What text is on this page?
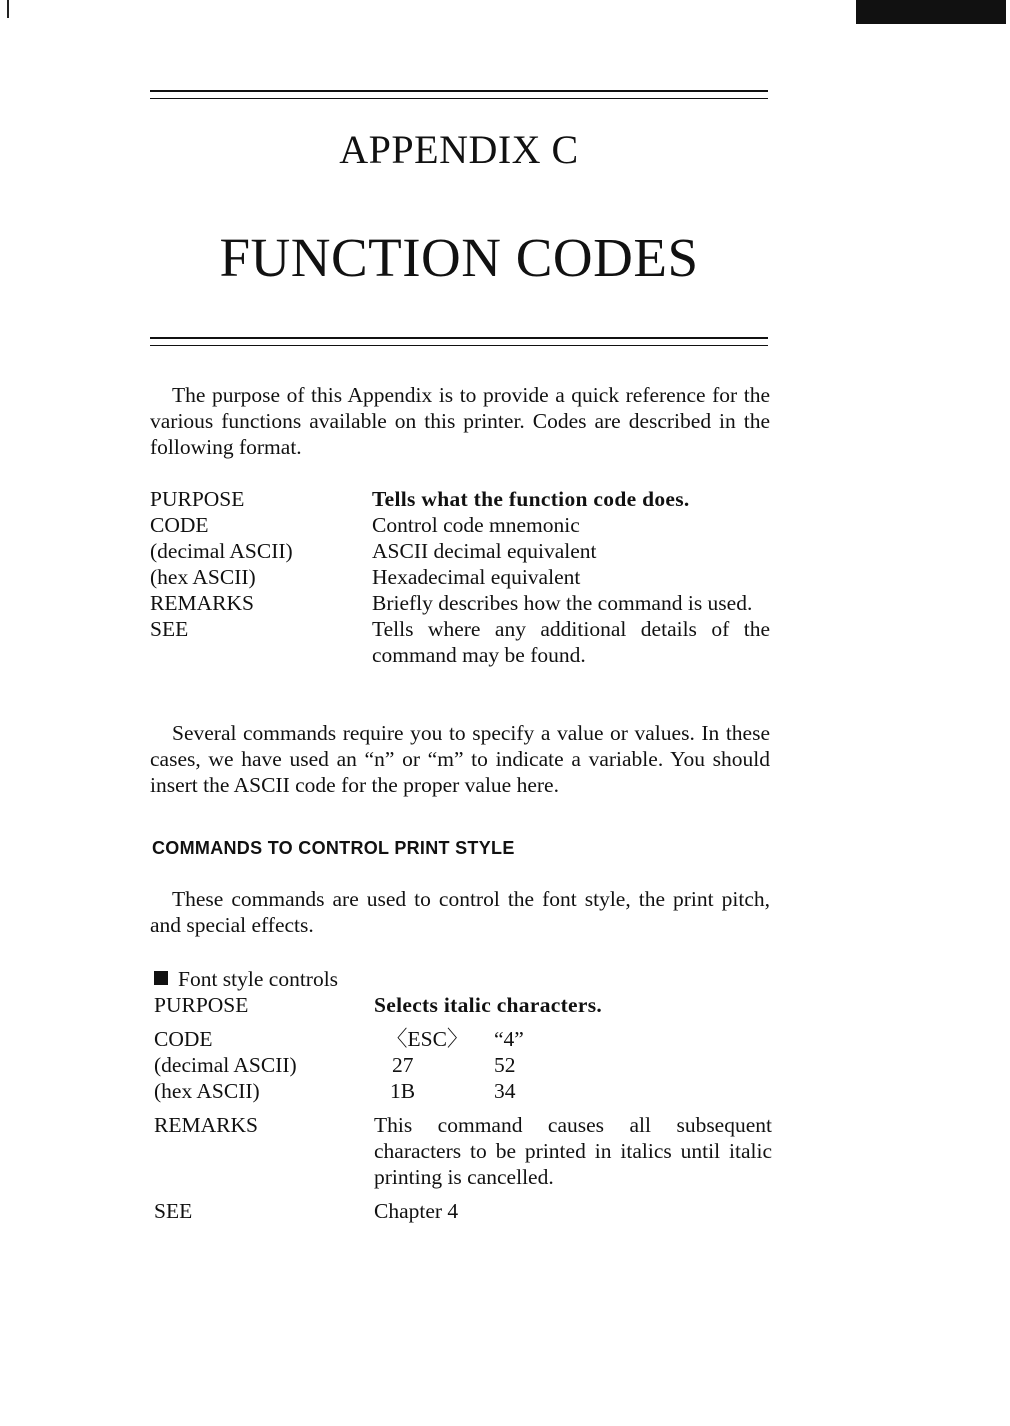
APPENDIX C
FUNCTION CODES

The purpose of this Appendix is to provide a quick reference for the various functions available on this printer. Codes are described in the following format.

PURPOSE	Tells what the function code does.
CODE	Control code mnemonic
(decimal ASCII)	ASCII decimal equivalent
(hex ASCII)	Hexadecimal equivalent
REMARKS	Briefly describes how the command is used.
SEE	Tells where any additional details of the command may be found.

Several commands require you to specify a value or values. In these cases, we have used an “n” or “m” to indicate a variable. You should insert the ASCII code for the proper value here.

COMMANDS TO CONTROL PRINT STYLE

These commands are used to control the font style, the print pitch, and special effects.

Font style controls
PURPOSE	Selects italic characters.
CODE	〈ESC〉 “4”
(decimal ASCII)	27	52
(hex ASCII)	1B	34
REMARKS	This command causes all subsequent characters to be printed in italics until italic printing is cancelled.
SEE	Chapter 4
